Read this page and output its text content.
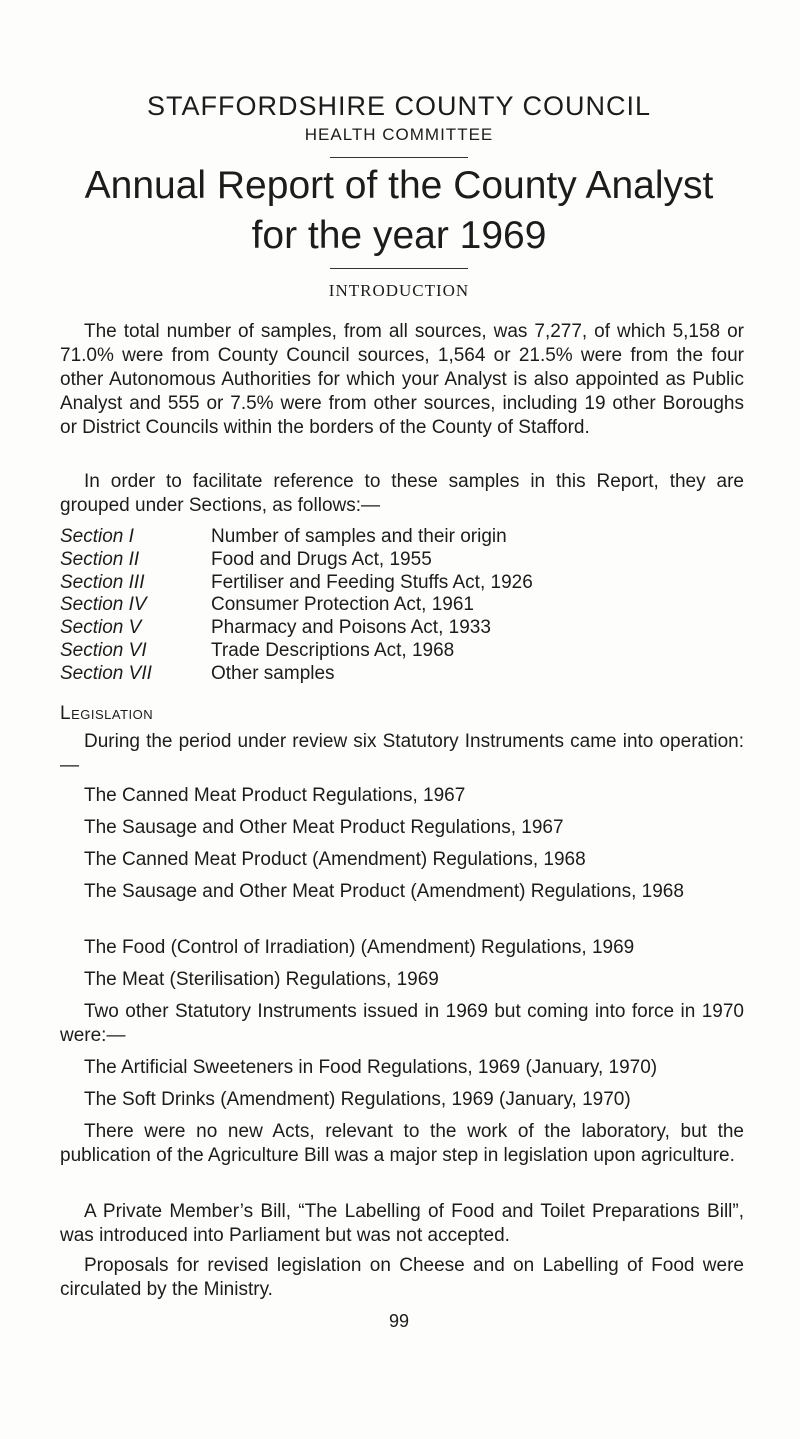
STAFFORDSHIRE COUNTY COUNCIL
HEALTH COMMITTEE
Annual Report of the County Analyst
for the year 1969
INTRODUCTION

The total number of samples, from all sources, was 7,277, of which 5,158 or 71.0% were from County Council sources, 1,564 or 21.5% were from the four other Autonomous Authorities for which your Analyst is also appointed as Public Analyst and 555 or 7.5% were from other sources, including 19 other Boroughs or District Councils within the borders of the County of Stafford.

In order to facilitate reference to these samples in this Report, they are grouped under Sections, as follows:—

Section I	Number of samples and their origin
Section II	Food and Drugs Act, 1955
Section III	Fertiliser and Feeding Stuffs Act, 1926
Section IV	Consumer Protection Act, 1961
Section V	Pharmacy and Poisons Act, 1933
Section VI	Trade Descriptions Act, 1968
Section VII	Other samples
Legislation

During the period under review six Statutory Instruments came into operation:—

The Canned Meat Product Regulations, 1967
The Sausage and Other Meat Product Regulations, 1967
The Canned Meat Product (Amendment) Regulations, 1968
The Sausage and Other Meat Product (Amendment) Regulations, 1968
The Food (Control of Irradiation) (Amendment) Regulations, 1969
The Meat (Sterilisation) Regulations, 1969

Two other Statutory Instruments issued in 1969 but coming into force in 1970 were:—

The Artificial Sweeteners in Food Regulations, 1969 (January, 1970)
The Soft Drinks (Amendment) Regulations, 1969 (January, 1970)

There were no new Acts, relevant to the work of the laboratory, but the publication of the Agriculture Bill was a major step in legislation upon agriculture.

A Private Member’s Bill, “The Labelling of Food and Toilet Preparations Bill”, was introduced into Parliament but was not accepted.

Proposals for revised legislation on Cheese and on Labelling of Food were circulated by the Ministry.

99
